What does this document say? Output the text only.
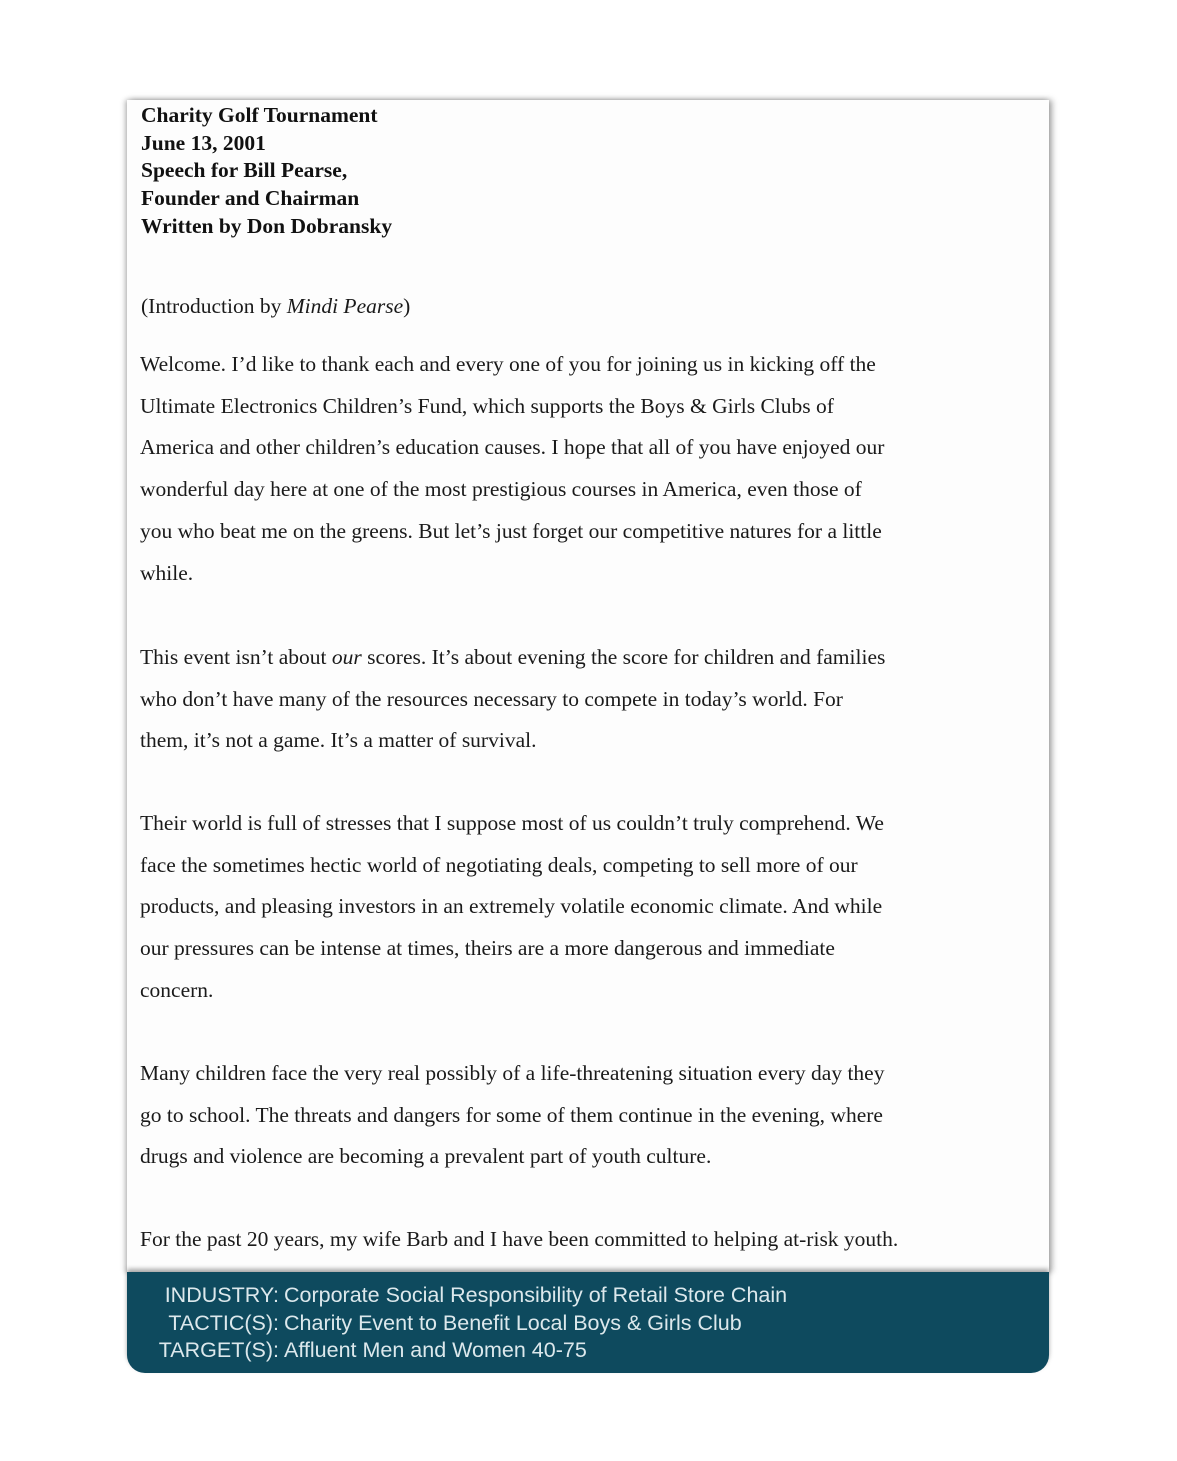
Charity Golf Tournament
June 13, 2001
Speech for Bill Pearse,
Founder and Chairman
Written by Don Dobransky
(Introduction by Mindi Pearse)
Welcome. I’d like to thank each and every one of you for joining us in kicking off the
Ultimate Electronics Children’s Fund, which supports the Boys & Girls Clubs of
America and other children’s education causes. I hope that all of you have enjoyed our
wonderful day here at one of the most prestigious courses in America, even those of
you who beat me on the greens. But let’s just forget our competitive natures for a little
while.
This event isn’t about our scores. It’s about evening the score for children and families
who don’t have many of the resources necessary to compete in today’s world. For
them, it’s not a game. It’s a matter of survival.
Their world is full of stresses that I suppose most of us couldn’t truly comprehend. We
face the sometimes hectic world of negotiating deals, competing to sell more of our
products, and pleasing investors in an extremely volatile economic climate. And while
our pressures can be intense at times, theirs are a more dangerous and immediate
concern.
Many children face the very real possibly of a life-threatening situation every day they
go to school. The threats and dangers for some of them continue in the evening, where
drugs and violence are becoming a prevalent part of youth culture.
For the past 20 years, my wife Barb and I have been committed to helping at-risk youth.
INDUSTRY: Corporate Social Responsibility of Retail Store Chain
TACTIC(S): Charity Event to Benefit Local Boys & Girls Club
TARGET(S): Affluent Men and Women 40-75
